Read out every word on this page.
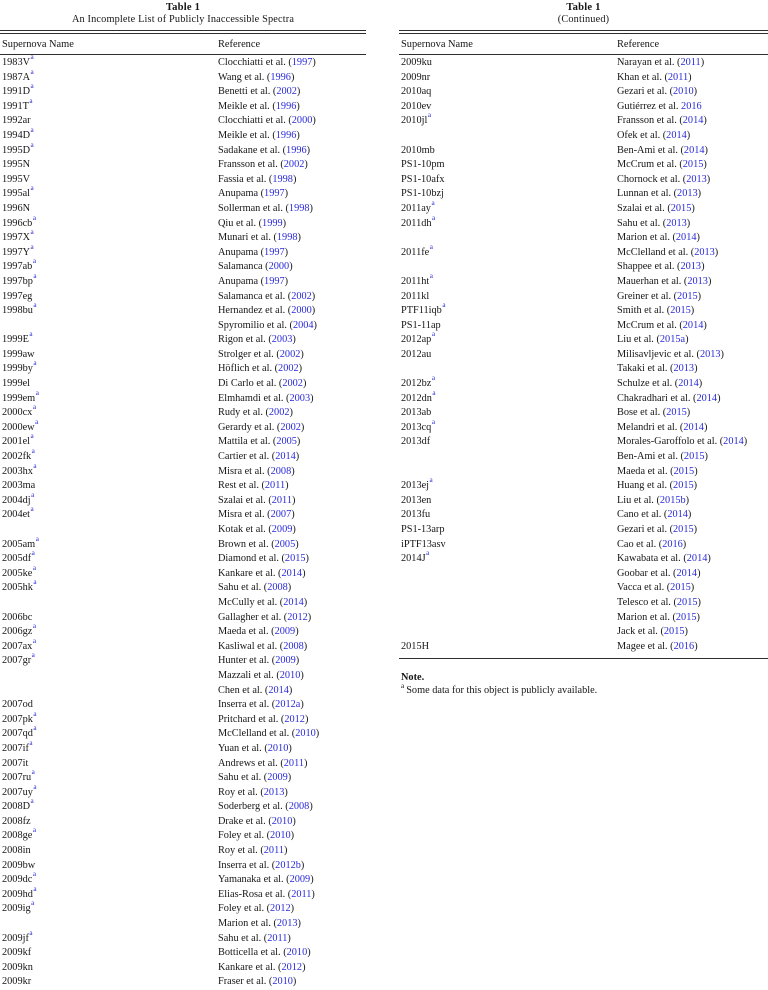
Table 1
An Incomplete List of Publicly Inaccessible Spectra
Supernova Name	Reference
$1983V^a$	Clocchiatti et al. (1997)
$1987A^a$	Wang et al. (1996)
$1991D^a$	Benetti et al. (2002)
$1991T^a$	Meikle et al. (1996)
1992ar	Clocchiatti et al. (2000)
$1994D^a$	Meikle et al. (1996)
$1995D^a$	Sadakane et al. (1996)
1995N	Fransson et al. (2002)
1995V	Fassia et al. (1998)
$1995al^a$	Anupama (1997)
1996N	Sollerman et al. (1998)
$1996cb^a$	Qiu et al. (1999)
$1997X^a$	Munari et al. (1998)
$1997Y^a$	Anupama (1997)
$1997ab^a$	Salamanca (2000)
$1997bp^a$	Anupama (1997)
1997eg	Salamanca et al. (2002)
$1998bu^a$	Hernandez et al. (2000)
Spyromilio et al. (2004)
$1999E^a$	Rigon et al. (2003)
1999aw	Strolger et al. (2002)
$1999by^a$	Höflich et al. (2002)
1999el	Di Carlo et al. (2002)
$1999em^a$	Elmhamdi et al. (2003)
$2000cx^a$	Rudy et al. (2002)
$2000ew^a$	Gerardy et al. (2002)
$2001el^a$	Mattila et al. (2005)
$2002fk^a$	Cartier et al. (2014)
$2003hx^a$	Misra et al. (2008)
2003ma	Rest et al. (2011)
$2004dj^a$	Szalai et al. (2011)
$2004et^a$	Misra et al. (2007)
Kotak et al. (2009)
$2005am^a$	Brown et al. (2005)
$2005df^a$	Diamond et al. (2015)
$2005ke^a$	Kankare et al. (2014)
$2005hk^a$	Sahu et al. (2008)
McCully et al. (2014)
2006bc	Gallagher et al. (2012)
$2006gz^a$	Maeda et al. (2009)
$2007ax^a$	Kasliwal et al. (2008)
$2007gr^a$	Hunter et al. (2009)
Mazzali et al. (2010)
Chen et al. (2014)
2007od	Inserra et al. (2012a)
$2007pk^a$	Pritchard et al. (2012)
$2007qd^a$	McClelland et al. (2010)
$2007if^a$	Yuan et al. (2010)
2007it	Andrews et al. (2011)
$2007ru^a$	Sahu et al. (2009)
$2007uy^a$	Roy et al. (2013)
$2008D^a$	Soderberg et al. (2008)
2008fz	Drake et al. (2010)
$2008ge^a$	Foley et al. (2010)
2008in	Roy et al. (2011)
2009bw	Inserra et al. (2012b)
$2009dc^a$	Yamanaka et al. (2009)
$2009hd^a$	Elias-Rosa et al. (2011)
$2009ig^a$	Foley et al. (2012)
Marion et al. (2013)
$2009jf^a$	Sahu et al. (2011)
2009kf	Botticella et al. (2010)
2009kn	Kankare et al. (2012)
2009kr	Fraser et al. (2010)
Table 1
(Continued)
Supernova Name	Reference
2009ku	Narayan et al. (2011)
2009nr	Khan et al. (2011)
2010aq	Gezari et al. (2010)
2010ev	Gutiérrez et al. 2016
$2010jl^a$	Fransson et al. (2014)
Ofek et al. (2014)
2010mb	Ben-Ami et al. (2014)
PS1-10pm	McCrum et al. (2015)
PS1-10afx	Chornock et al. (2013)
PS1-10bzj	Lunnan et al. (2013)
$2011ay^a$	Szalai et al. (2015)
$2011dh^a$	Sahu et al. (2013)
Marion et al. (2014)
$2011fe^a$	McClelland et al. (2013)
Shappee et al. (2013)
$2011ht^a$	Mauerhan et al. (2013)
2011kl	Greiner et al. (2015)
PTF11iqb$^a$	Smith et al. (2015)
PS1-11ap	McCrum et al. (2014)
$2012ap^a$	Liu et al. (2015a)
2012au	Milisavljevic et al. (2013)
Takaki et al. (2013)
$2012bz^a$	Schulze et al. (2014)
$2012dn^a$	Chakradhari et al. (2014)
2013ab	Bose et al. (2015)
$2013cq^a$	Melandri et al. (2014)
2013df	Morales-Garoffolo et al. (2014)
Ben-Ami et al. (2015)
Maeda et al. (2015)
$2013ej^a$	Huang et al. (2015)
2013en	Liu et al. (2015b)
2013fu	Cano et al. (2014)
PS1-13arp	Gezari et al. (2015)
iPTF13asv	Cao et al. (2016)
$2014J^a$	Kawabata et al. (2014)
Goobar et al. (2014)
Vacca et al. (2015)
Telesco et al. (2015)
Marion et al. (2015)
Jack et al. (2015)
2015H	Magee et al. (2016)
Note.
$^a$ Some data for this object is publicly available.
